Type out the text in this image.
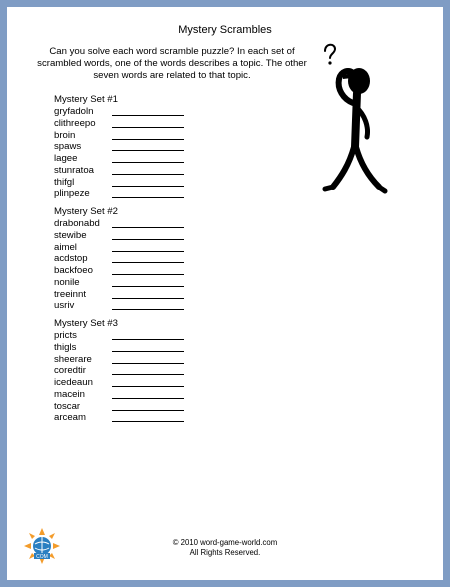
Mystery Scrambles
Can you solve each word scramble puzzle? In each set of scrambled words, one of the words describes a topic. The other seven words are related to that topic.
Mystery Set #1
gryfadoln
clithreepo
broin
spaws
lagee
stunratoa
thifgl
plinpeze
Mystery Set #2
drabonabd
stewibe
aimel
acdstop
backfoeo
nonile
treeinnt
usriv
Mystery Set #3
pricts
thigls
sheerare
coredtir
icedeaun
macein
toscar
arceam
COM
© 2010 word-game-world.com
All Rights Reserved.
